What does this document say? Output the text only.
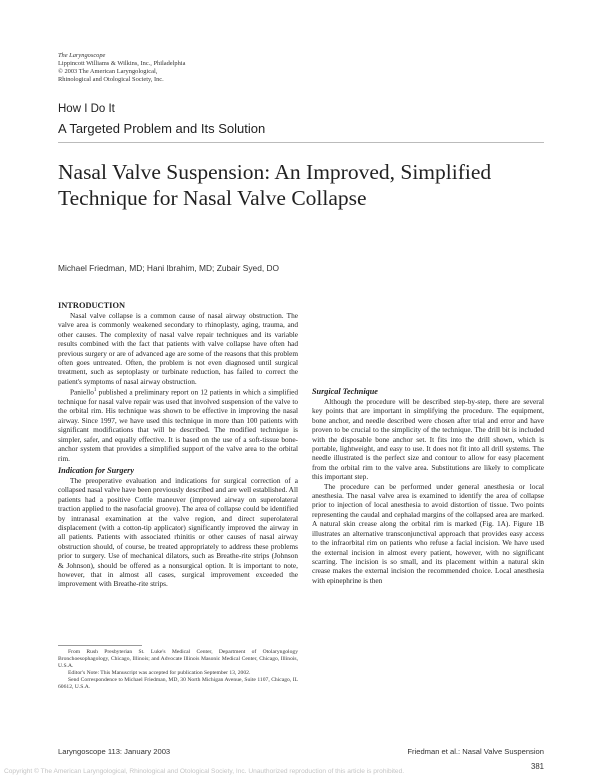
The Laryngoscope
Lippincott Williams & Wilkins, Inc., Philadelphia
© 2003 The American Laryngological,
Rhinological and Otological Society, Inc.
How I Do It
A Targeted Problem and Its Solution
Nasal Valve Suspension: An Improved, Simplified Technique for Nasal Valve Collapse
Michael Friedman, MD; Hani Ibrahim, MD; Zubair Syed, DO
INTRODUCTION

Nasal valve collapse is a common cause of nasal airway obstruction. The valve area is commonly weakened secondary to rhinoplasty, aging, trauma, and other causes. The complexity of nasal valve repair techniques and its variable results combined with the fact that patients with valve collapse have often had previous surgery or are of advanced age are some of the reasons that this problem often goes untreated. Often, the problem is not even diagnosed until surgical treatment, such as septoplasty or turbinate reduction, has failed to correct the patient's symptoms of nasal airway obstruction.

Paniello$^1$ published a preliminary report on 12 patients in which a simplified technique for nasal valve repair was used that involved suspension of the valve to the orbital rim. His technique was shown to be effective in improving the nasal airway. Since 1997, we have used this technique in more than 100 patients with significant modifications that will be described. The modified technique is simpler, safer, and equally effective. It is based on the use of a soft-tissue bone-anchor system that provides a simplified support of the valve area to the orbital rim.

Indication for Surgery

The preoperative evaluation and indications for surgical correction of a collapsed nasal valve have been previously described and are well established. All patients had a positive Cottle maneuver (improved airway on superolateral traction applied to the nasofacial groove). The area of collapse could be identified by intranasal examination at the valve region, and direct superolateral displacement (with a cotton-tip applicator) significantly improved the airway in all patients. Patients with associated rhinitis or other causes of nasal airway obstruction should, of course, be treated appropriately to address these problems prior to surgery. Use of mechanical dilators, such as Breathe-rite strips (Johnson & Johnson), should be offered as a nonsurgical option. It is important to note, however, that in almost all cases, surgical improvement exceeded the improvement with Breathe-rite strips.

Surgical Technique

Although the procedure will be described step-by-step, there are several key points that are important in simplifying the procedure. The equipment, bone anchor, and needle described were chosen after trial and error and have proven to be crucial to the simplicity of the technique. The drill bit is included with the disposable bone anchor set. It fits into the drill shown, which is portable, lightweight, and easy to use. It does not fit into all drill systems. The needle illustrated is the perfect size and contour to allow for easy placement from the orbital rim to the valve area. Substitutions are likely to complicate this important step.

The procedure can be performed under general anesthesia or local anesthesia. The nasal valve area is examined to identify the area of collapse prior to injection of local anesthesia to avoid distortion of tissue. Two points representing the caudal and cephalad margins of the collapsed area are marked. A natural skin crease along the orbital rim is marked (Fig. 1A). Figure 1B illustrates an alternative transconjunctival approach that provides easy access to the infraorbital rim on patients who refuse a facial incision. We have used the external incision in almost every patient, however, with no significant scarring. The incision is so small, and its placement within a natural skin crease makes the external incision the recommended choice. Local anesthesia with epinephrine is then

From Rush Presbyterian St. Luke's Medical Center, Department of Otolaryngology Bronchoesophagology, Chicago, Illinois; and Advocate Illinois Masonic Medical Center, Chicago, Illinois, U.S.A.

Editor's Note: This Manuscript was accepted for publication September 13, 2002.

Send Correspondence to Michael Friedman, MD, 30 North Michigan Avenue, Suite 1107, Chicago, IL 60612, U.S.A.

Laryngoscope 113: January 2003	Friedman et al.: Nasal Valve Suspension
381
Copyright © The American Laryngological, Rhinological and Otological Society, Inc. Unauthorized reproduction of this article is prohibited.
